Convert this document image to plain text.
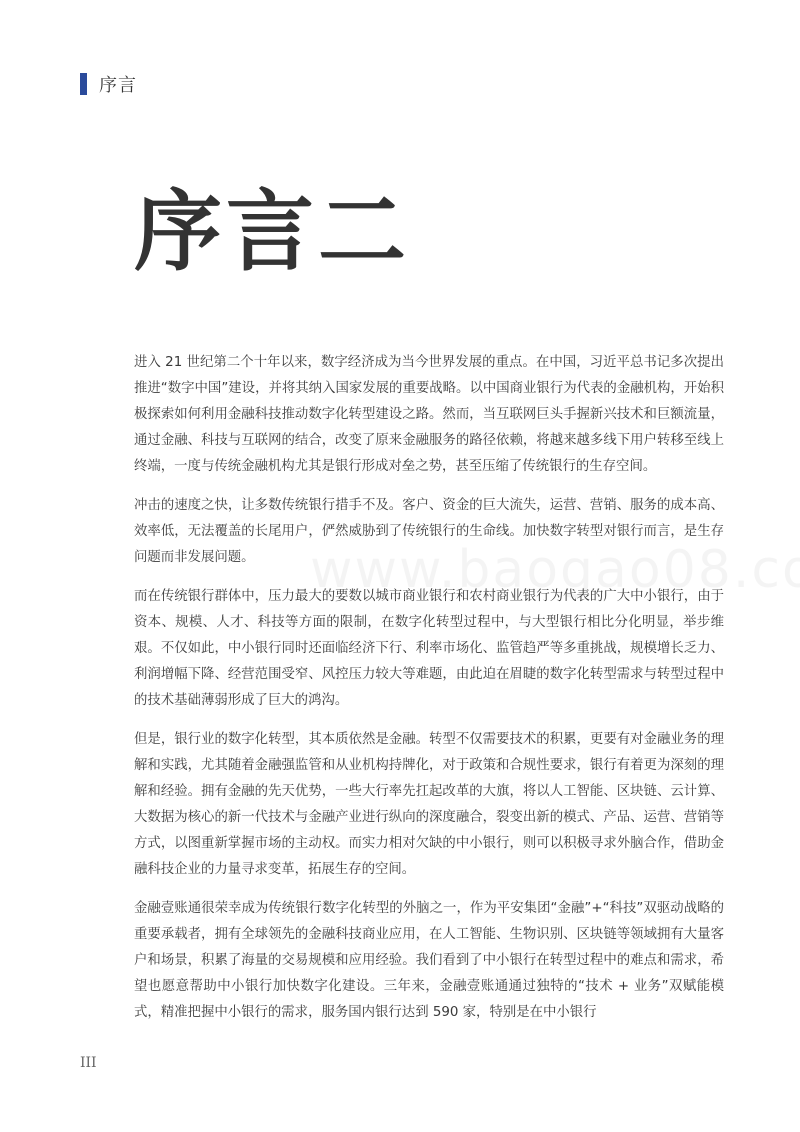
序言
序言二

进入 21 世纪第二个十年以来，数字经济成为当今世界发展的重点。在中国，习近平总书记多次提出推进“数字中国”建设，并将其纳入国家发展的重要战略。以中国商业银行为代表的金融机构，开始积极探索如何利用金融科技推动数字化转型建设之路。然而，当互联网巨头手握新兴技术和巨额流量，通过金融、科技与互联网的结合，改变了原来金融服务的路径依赖，将越来越多线下用户转移至线上终端，一度与传统金融机构尤其是银行形成对垒之势，甚至压缩了传统银行的生存空间。

冲击的速度之快，让多数传统银行措手不及。客户、资金的巨大流失，运营、营销、服务的成本高、效率低，无法覆盖的长尾用户，俨然威胁到了传统银行的生命线。加快数字转型对银行而言，是生存问题而非发展问题。

而在传统银行群体中，压力最大的要数以城市商业银行和农村商业银行为代表的广大中小银行，由于资本、规模、人才、科技等方面的限制，在数字化转型过程中，与大型银行相比分化明显，举步维艰。不仅如此，中小银行同时还面临经济下行、利率市场化、监管趋严等多重挑战，规模增长乏力、利润增幅下降、经营范围受窄、风控压力较大等难题，由此迫在眉睫的数字化转型需求与转型过程中的技术基础薄弱形成了巨大的鸿沟。

但是，银行业的数字化转型，其本质依然是金融。转型不仅需要技术的积累，更要有对金融业务的理解和实践，尤其随着金融强监管和从业机构持牌化，对于政策和合规性要求，银行有着更为深刻的理解和经验。拥有金融的先天优势，一些大行率先扛起改革的大旗，将以人工智能、区块链、云计算、大数据为核心的新一代技术与金融产业进行纵向的深度融合，裂变出新的模式、产品、运营、营销等方式，以图重新掌握市场的主动权。而实力相对欠缺的中小银行，则可以积极寻求外脑合作，借助金融科技企业的力量寻求变革，拓展生存的空间。

金融壹账通很荣幸成为传统银行数字化转型的外脑之一，作为平安集团“金融”+“科技”双驱动战略的重要承载者，拥有全球领先的金融科技商业应用，在人工智能、生物识别、区块链等领域拥有大量客户和场景，积累了海量的交易规模和应用经验。我们看到了中小银行在转型过程中的难点和需求，希望也愿意帮助中小银行加快数字化建设。三年来，金融壹账通通过独特的“技术 + 业务”双赋能模式，精准把握中小银行的需求，服务国内银行达到 590 家，特别是在中小银行

III
